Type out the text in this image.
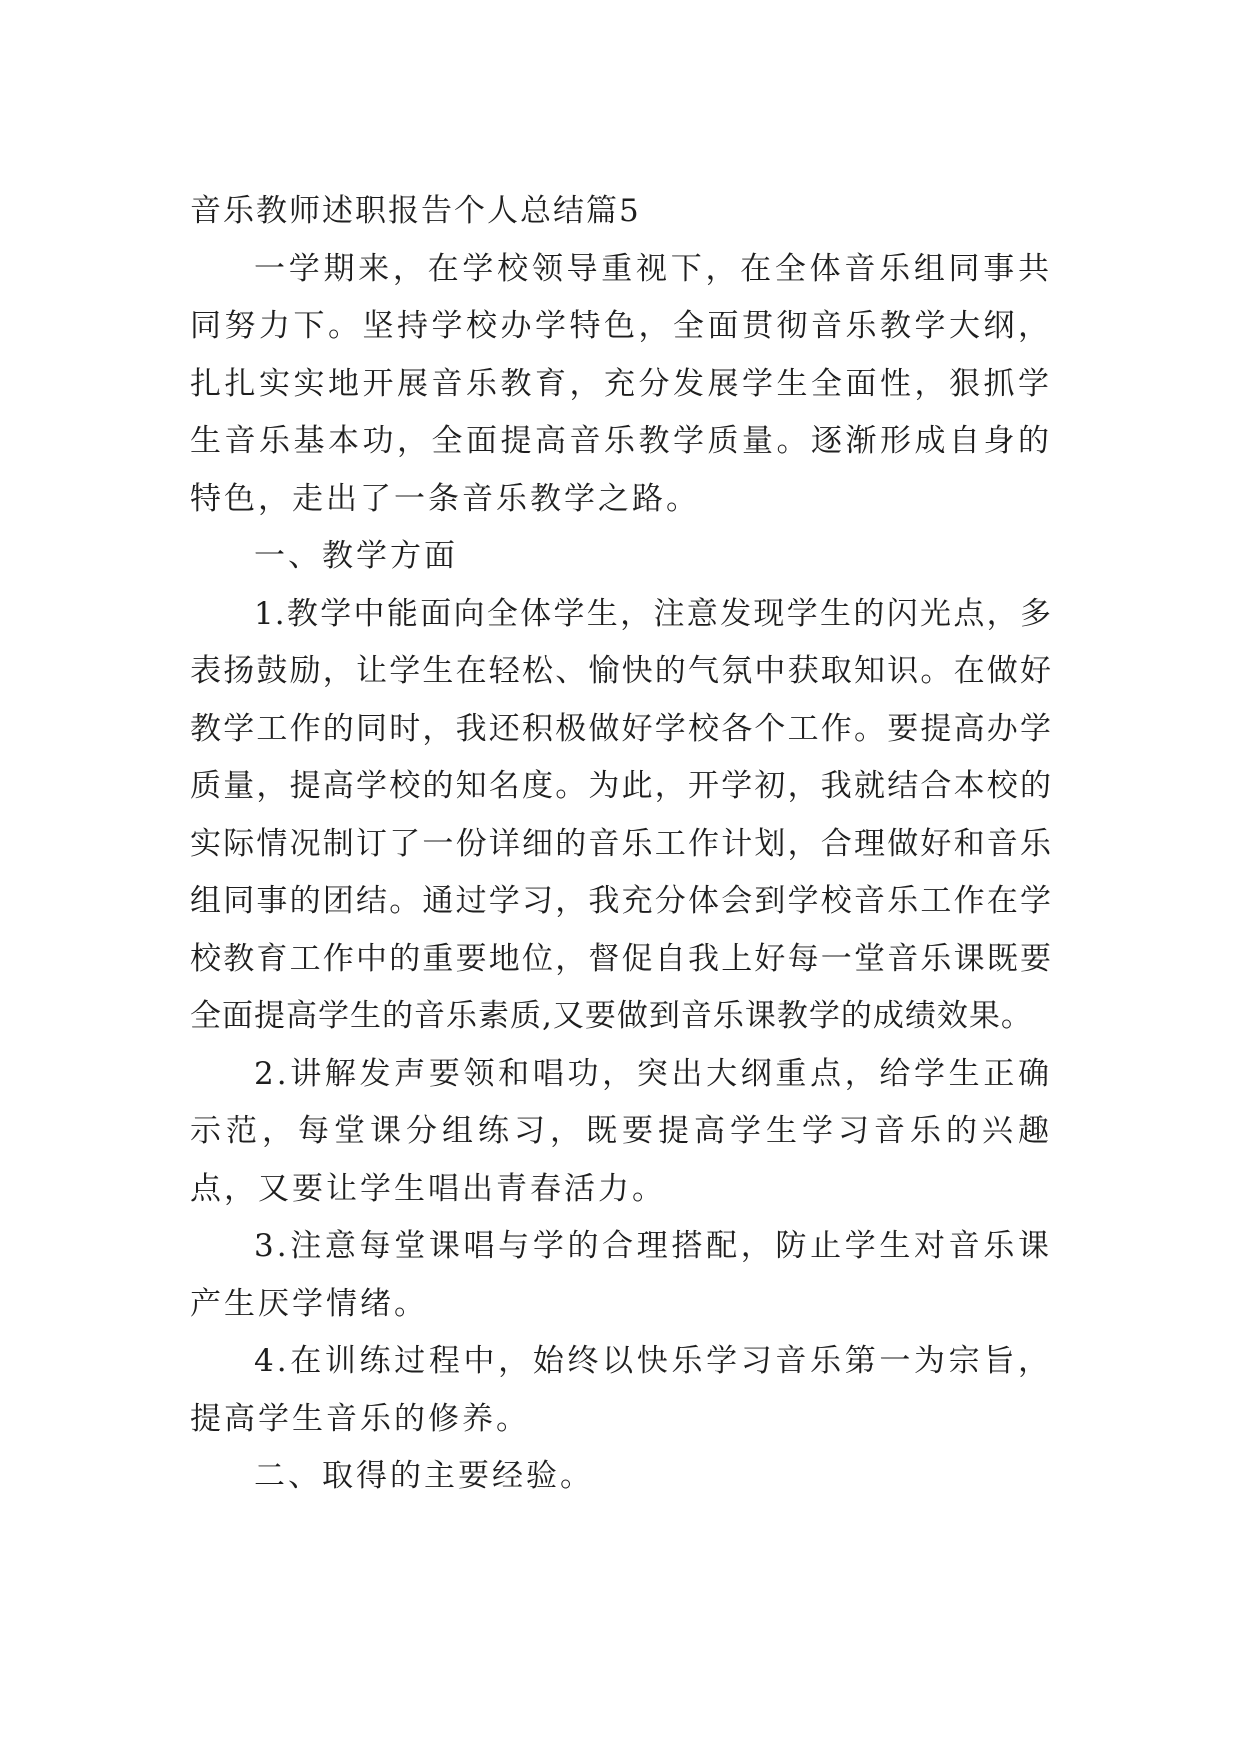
音乐教师述职报告个人总结篇5

一学期来，在学校领导重视下，在全体音乐组同事共同努力下。坚持学校办学特色，全面贯彻音乐教学大纲，扎扎实实地开展音乐教育，充分发展学生全面性，狠抓学生音乐基本功，全面提高音乐教学质量。逐渐形成自身的特色，走出了一条音乐教学之路。

一、教学方面

1.教学中能面向全体学生，注意发现学生的闪光点，多表扬鼓励，让学生在轻松、愉快的气氛中获取知识。在做好教学工作的同时，我还积极做好学校各个工作。要提高办学质量，提高学校的知名度。为此，开学初，我就结合本校的实际情况制订了一份详细的音乐工作计划，合理做好和音乐组同事的团结。通过学习，我充分体会到学校音乐工作在学校教育工作中的重要地位，督促自我上好每一堂音乐课既要全面提高学生的音乐素质,又要做到音乐课教学的成绩效果。

2.讲解发声要领和唱功，突出大纲重点，给学生正确示范，每堂课分组练习，既要提高学生学习音乐的兴趣点，又要让学生唱出青春活力。

3.注意每堂课唱与学的合理搭配，防止学生对音乐课产生厌学情绪。

4.在训练过程中，始终以快乐学习音乐第一为宗旨，提高学生音乐的修养。

二、取得的主要经验。
